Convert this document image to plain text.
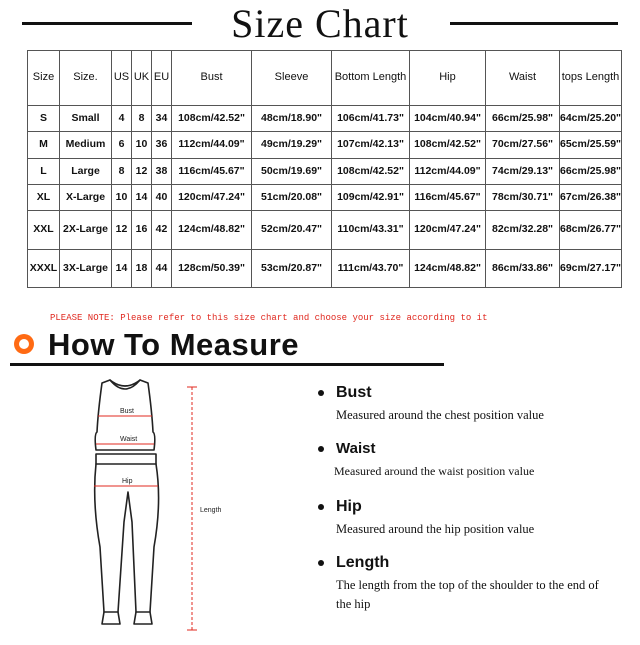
Size Chart
Size	Size.	US	UK	EU	Bust	Sleeve	Bottom Length	Hip	Waist	tops Length
S	Small	4	8	34	108cm/42.52"	48cm/18.90"	106cm/41.73"	104cm/40.94"	66cm/25.98"	64cm/25.20"
M	Medium	6	10	36	112cm/44.09"	49cm/19.29"	107cm/42.13"	108cm/42.52"	70cm/27.56"	65cm/25.59"
L	Large	8	12	38	116cm/45.67"	50cm/19.69"	108cm/42.52"	112cm/44.09"	74cm/29.13"	66cm/25.98"
XL	X-Large	10	14	40	120cm/47.24"	51cm/20.08"	109cm/42.91"	116cm/45.67"	78cm/30.71"	67cm/26.38"
XXL	2X-Large	12	16	42	124cm/48.82"	52cm/20.47"	110cm/43.31"	120cm/47.24"	82cm/32.28"	68cm/26.77"
XXXL	3X-Large	14	18	44	128cm/50.39"	53cm/20.87"	111cm/43.70"	124cm/48.82"	86cm/33.86"	69cm/27.17"
PLEASE NOTE: Please refer to this size chart and choose your size according to it
How To Measure
Bust
Waist
Hip
Length
Bust
Measured around the chest position value
Waist
Measured around the waist position value
Hip
Measured around the hip position value
Length
The length from the top of the shoulder to the end of the hip
